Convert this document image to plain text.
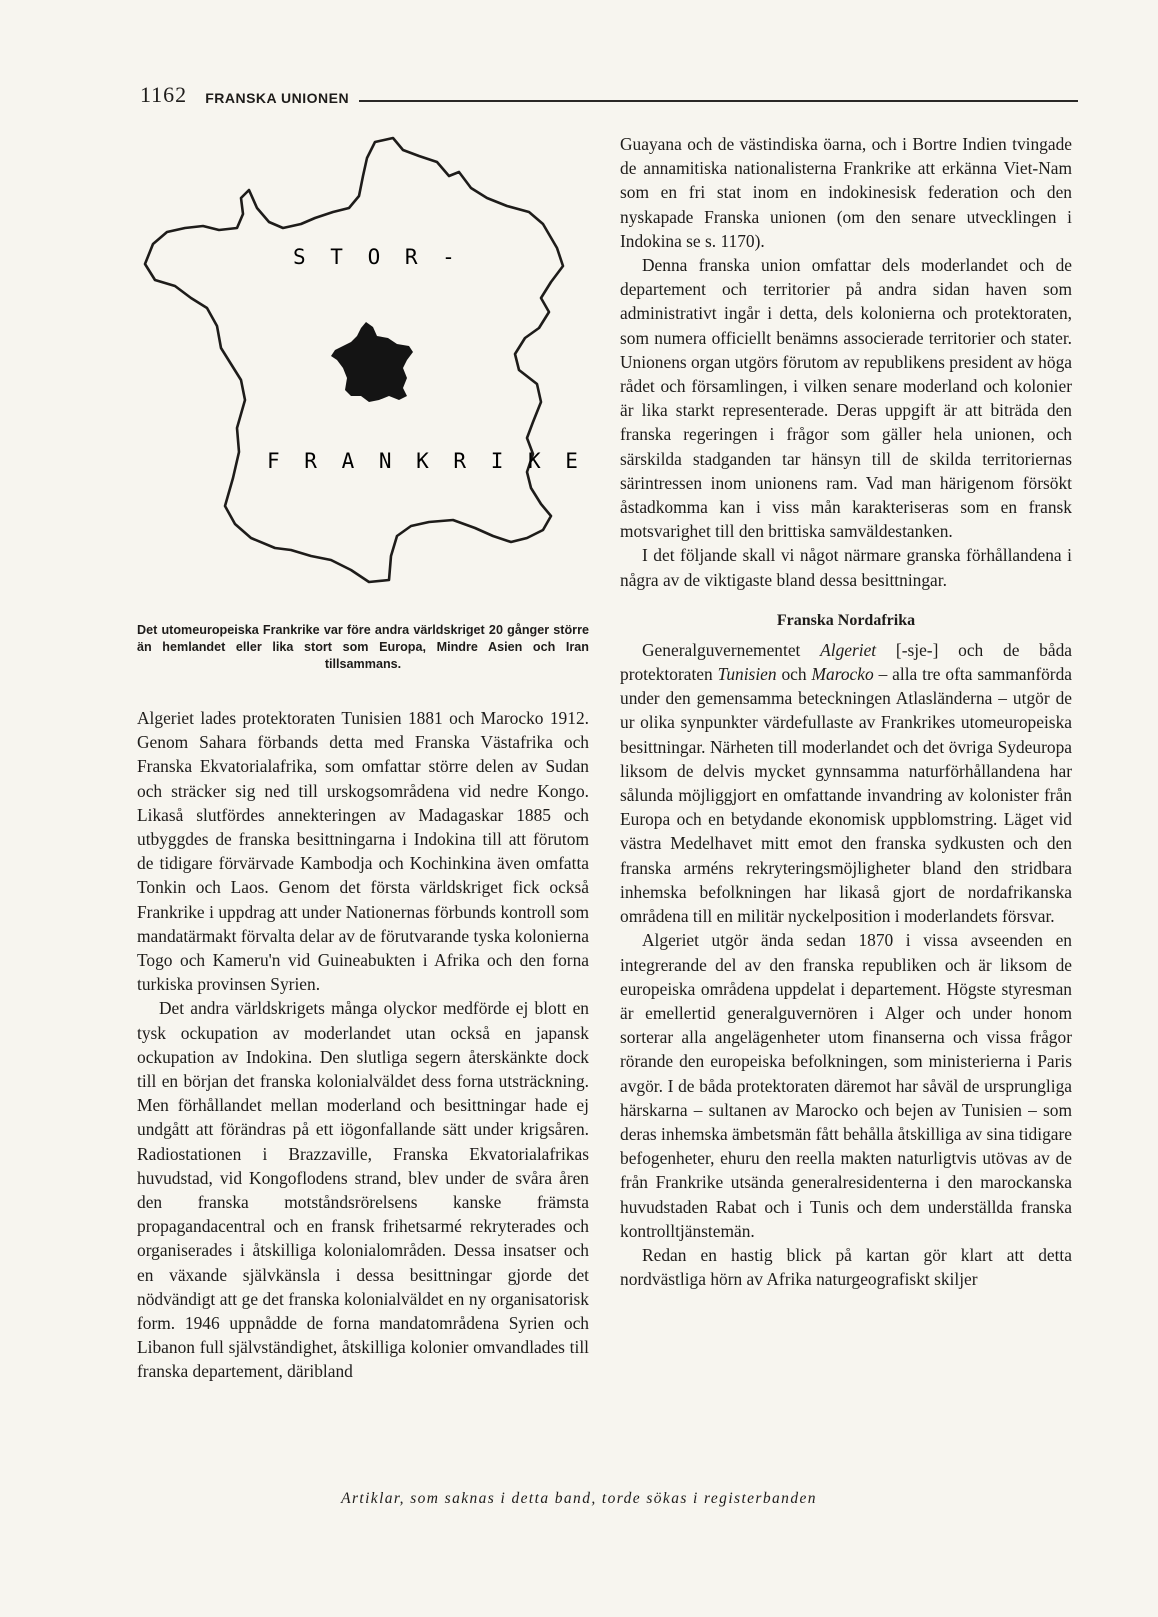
1162 FRANSKA UNIONEN
S T O R -
F R A N K R I K E
Det utomeuropeiska Frankrike var före andra världskriget 20 gånger större än hemlandet eller lika stort som Europa, Mindre Asien och Iran tillsammans.

Algeriet lades protektoraten Tunisien 1881 och Marocko 1912. Genom Sahara förbands detta med Franska Västafrika och Franska Ekvatorialafrika, som omfattar större delen av Sudan och sträcker sig ned till urskogsområdena vid nedre Kongo. Likaså slutfördes annekteringen av Madagaskar 1885 och utbyggdes de franska besittningarna i Indokina till att förutom de tidigare förvärvade Kambodja och Kochinkina även omfatta Tonkin och Laos. Genom det första världskriget fick också Frankrike i uppdrag att under Nationernas förbunds kontroll som mandatärmakt förvalta delar av de förutvarande tyska kolonierna Togo och Kameru'n vid Guineabukten i Afrika och den forna turkiska provinsen Syrien.

Det andra världskrigets många olyckor medförde ej blott en tysk ockupation av moderlandet utan också en japansk ockupation av Indokina. Den slutliga segern återskänkte dock till en början det franska kolonialväldet dess forna utsträckning. Men förhållandet mellan moderland och besittningar hade ej undgått att förändras på ett iögonfallande sätt under krigsåren. Radiostationen i Brazzaville, Franska Ekvatorialafrikas huvudstad, vid Kongoflodens strand, blev under de svåra åren den franska motståndsrörelsens kanske främsta propagandacentral och en fransk frihetsarmé rekryterades och organiserades i åtskilliga kolonialområden. Dessa insatser och en växande självkänsla i dessa besittningar gjorde det nödvändigt att ge det franska kolonialväldet en ny organisatorisk form. 1946 uppnådde de forna mandatområdena Syrien och Libanon full självständighet, åtskilliga kolonier omvandlades till franska departement, däribland

Guayana och de västindiska öarna, och i Bortre Indien tvingade de annamitiska nationalisterna Frankrike att erkänna Viet-Nam som en fri stat inom en indokinesisk federation och den nyskapade Franska unionen (om den senare utvecklingen i Indokina se s. 1170).

Denna franska union omfattar dels moderlandet och de departement och territorier på andra sidan haven som administrativt ingår i detta, dels kolonierna och protektoraten, som numera officiellt benämns associerade territorier och stater. Unionens organ utgörs förutom av republikens president av höga rådet och församlingen, i vilken senare moderland och kolonier är lika starkt representerade. Deras uppgift är att biträda den franska regeringen i frågor som gäller hela unionen, och särskilda stadganden tar hänsyn till de skilda territoriernas särintressen inom unionens ram. Vad man härigenom försökt åstadkomma kan i viss mån karakteriseras som en fransk motsvarighet till den brittiska samväldestanken.

I det följande skall vi något närmare granska förhållandena i några av de viktigaste bland dessa besittningar.

Franska Nordafrika

Generalguvernementet Algeriet [-sje-] och de båda protektoraten Tunisien och Marocko – alla tre ofta sammanförda under den gemensamma beteckningen Atlasländerna – utgör de ur olika synpunkter värdefullaste av Frankrikes utomeuropeiska besittningar. Närheten till moderlandet och det övriga Sydeuropa liksom de delvis mycket gynnsamma naturförhållandena har sålunda möjliggjort en omfattande invandring av kolonister från Europa och en betydande ekonomisk uppblomstring. Läget vid västra Medelhavet mitt emot den franska sydkusten och den franska arméns rekryteringsmöjligheter bland den stridbara inhemska befolkningen har likaså gjort de nordafrikanska områdena till en militär nyckelposition i moderlandets försvar.

Algeriet utgör ända sedan 1870 i vissa avseenden en integrerande del av den franska republiken och är liksom de europeiska områdena uppdelat i departement. Högste styresman är emellertid generalguvernören i Alger och under honom sorterar alla angelägenheter utom finanserna och vissa frågor rörande den europeiska befolkningen, som ministerierna i Paris avgör. I de båda protektoraten däremot har såväl de ursprungliga härskarna – sultanen av Marocko och bejen av Tunisien – som deras inhemska ämbetsmän fått behålla åtskilliga av sina tidigare befogenheter, ehuru den reella makten naturligtvis utövas av de från Frankrike utsända generalresidenterna i den marockanska huvudstaden Rabat och i Tunis och dem underställda franska kontrolltjänstemän.

Redan en hastig blick på kartan gör klart att detta nordvästliga hörn av Afrika naturgeografiskt skiljer

Artiklar, som saknas i detta band, torde sökas i registerbanden
